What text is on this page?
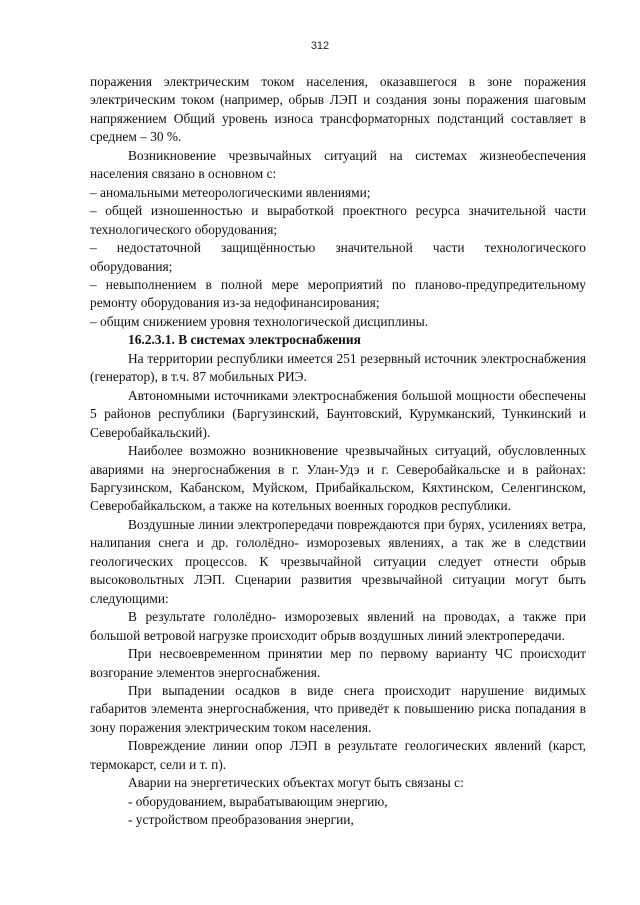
312

поражения электрическим током населения, оказавшегося в зоне поражения электрическим током (например, обрыв ЛЭП и создания зоны поражения шаговым напряжением Общий уровень износа трансформаторных подстанций составляет в среднем – 30 %.

Возникновение чрезвычайных ситуаций на системах жизнеобеспечения населения связано в основном с:

– аномальными метеорологическими явлениями;

– общей изношенностью и выработкой проектного ресурса значительной части технологического оборудования;

– недостаточной защищённостью значительной части технологического оборудования;

– невыполнением в полной мере мероприятий по планово-предупредительному ремонту оборудования из-за недофинансирования;

– общим снижением уровня технологической дисциплины.

16.2.3.1. В системах электроснабжения

На территории республики имеется 251 резервный источник электроснабжения (генератор), в т.ч. 87 мобильных РИЭ.

Автономными источниками электроснабжения большой мощности обеспечены 5 районов республики (Баргузинский, Баунтовский, Курумканский, Тункинский и Северобайкальский).

Наиболее возможно возникновение чрезвычайных ситуаций, обусловленных авариями на энергоснабжения в г. Улан-Удэ и г. Северобайкальске и в районах: Баргузинском, Кабанском, Муйском, Прибайкальском, Кяхтинском, Селенгинском, Северобайкальском, а также на котельных военных городков республики.

Воздушные линии электропередачи повреждаются при бурях, усилениях ветра, налипания снега и др. гололёдно- изморозевых явлениях, а так же в следствии геологических процессов. К чрезвычайной ситуации следует отнести обрыв высоковольтных ЛЭП. Сценарии развития чрезвычайной ситуации могут быть следующими:

В результате гололёдно- изморозевых явлений на проводах, а также при большой ветровой нагрузке происходит обрыв воздушных линий электропередачи.

При несвоевременном принятии мер по первому варианту ЧС происходит возгорание элементов энергоснабжения.

При выпадении осадков в виде снега происходит нарушение видимых габаритов элемента энергоснабжения, что приведёт к повышению риска попадания в зону поражения электрическим током населения.

Повреждение линии опор ЛЭП в результате геологических явлений (карст, термокарст, сели и т. п).

Аварии на энергетических объектах могут быть связаны с:

- оборудованием, вырабатывающим энергию,

- устройством преобразования энергии,
